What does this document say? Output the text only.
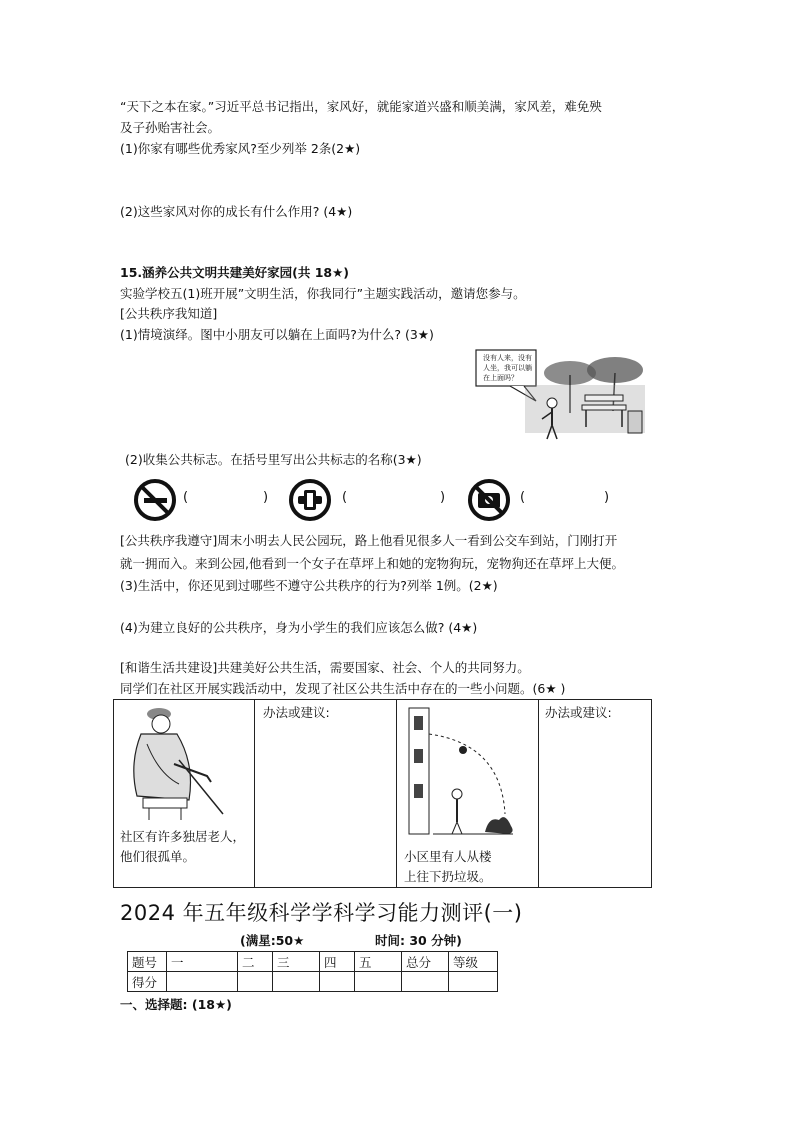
“天下之本在家。”习近平总书记指出，家风好，就能家道兴盛和顺美满，家风差，难免殃
及子孙贻害社会。
(1)你家有哪些优秀家风?至少列举 2条(2★)
(2)这些家风对你的成长有什么作用? (4★)
15.涵养公共文明共建美好家园(共 18★)
实验学校五(1)班开展”文明生活，你我同行”主题实践活动，邀请您参与。
[公共秩序我知道]
(1)情境演绎。图中小朋友可以躺在上面吗?为什么? (3★)
没有人来，没有
人坐，我可以躺
在上面吗？
(2)收集公共标志。在括号里写出公共标志的名称(3★)
(	)	(	)	(	)
[公共秩序我遵守]周末小明去人民公园玩，路上他看见很多人一看到公交车到站，门刚打开
就一拥而入。来到公园,他看到一个女子在草坪上和她的宠物狗玩，宠物狗还在草坪上大便。
(3)生活中，你还见到过哪些不遵守公共秩序的行为?列举 1例。(2★)
(4)为建立良好的公共秩序，身为小学生的我们应该怎么做? (4★)
[和谐生活共建设]共建美好公共生活，需要国家、社会、个人的共同努力。
同学们在社区开展实践活动中，发现了社区公共生活中存在的一些小问题。(6★ )
社区有许多独居老人，
他们很孤单。

办法或建议:

小区里有人从楼
上往下扔垃圾。

办法或建议:
2024 年五年级科学学科学习能力测评(一)
(满星:50★	时间: 30 分钟)
题号	一	二	三	四	五	总分	等级
得分							
一、选择题: (18★)
